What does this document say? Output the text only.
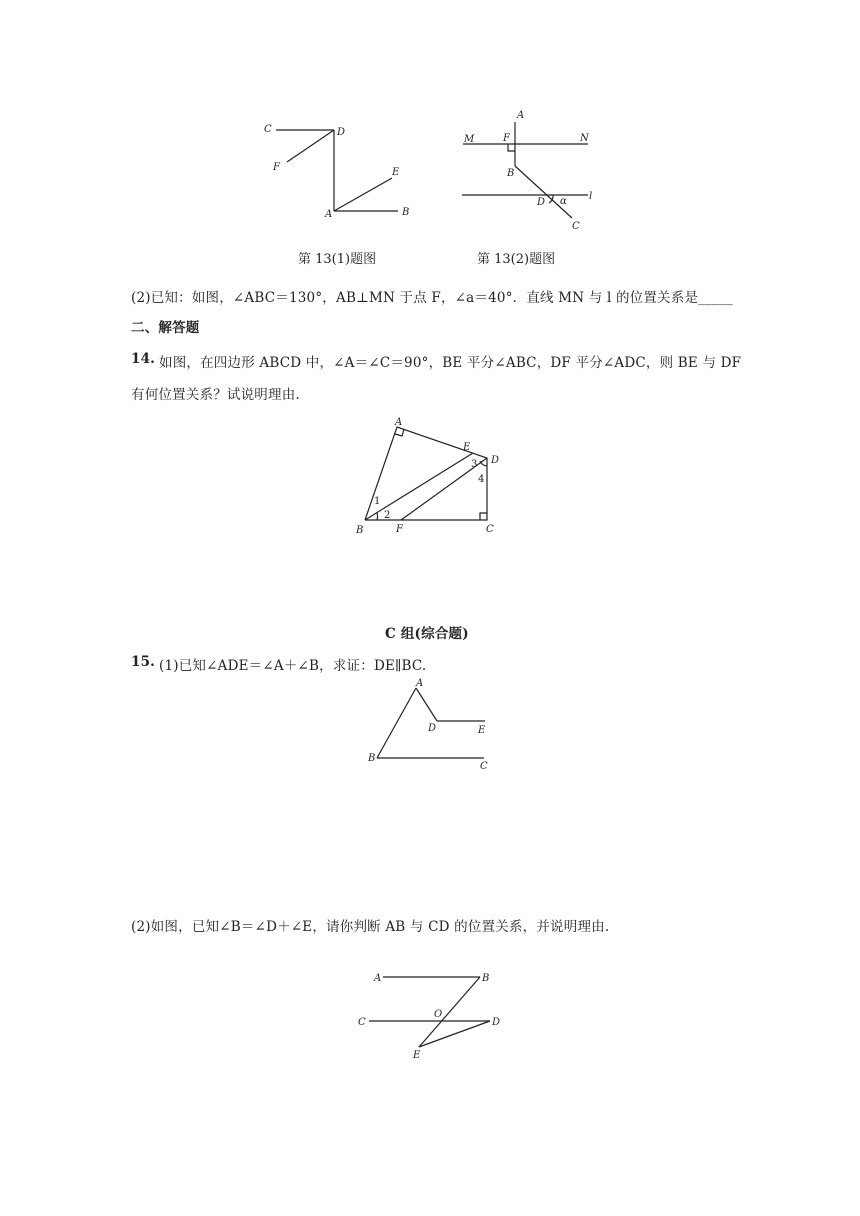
C	D
F	E
A	B
A
M	F	N
B
D α l
C
第 13(1)题图	第 13(2)题图
(2)已知：如图，∠ABC＝130°，AB⊥MN 于点 F，∠a＝40°．直线 MN 与 l 的位置关系是_____
二、解答题
14. 如图，在四边形 ABCD 中，∠A＝∠C＝90°，BE 平分∠ABC，DF 平分∠ADC，则 BE 与 DF
有何位置关系？试说明理由.
A
E
D
B	F	C
1
2
3
4
C 组(综合题)
15. (1)已知∠ADE＝∠A＋∠B，求证：DE∥BC.
A
D	E
B
C
(2)如图，已知∠B＝∠D＋∠E，请你判断 AB 与 CD 的位置关系，并说明理由.
A	B
C
O
D
E
